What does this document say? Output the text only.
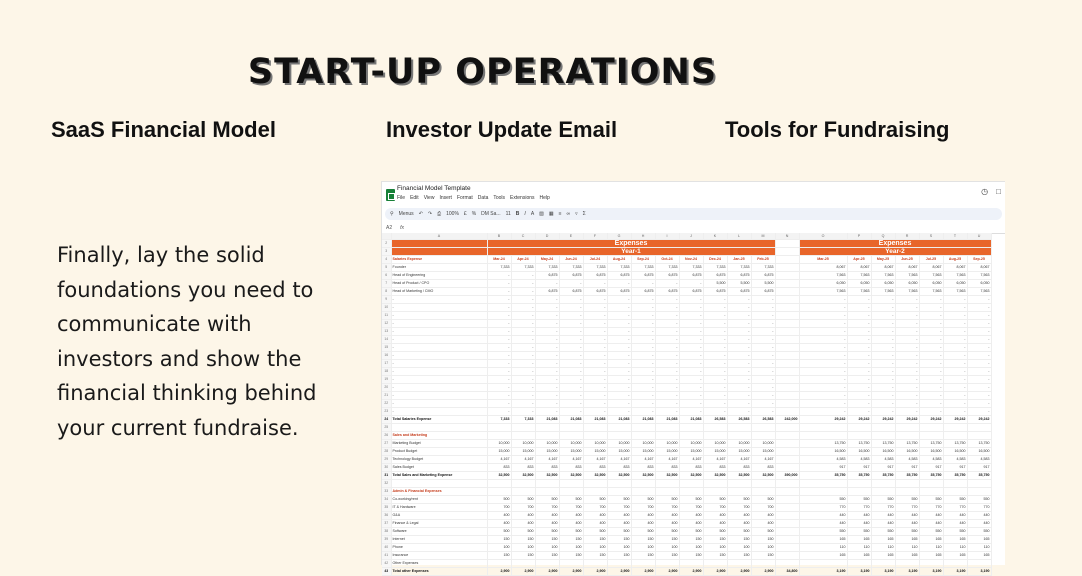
START-UP OPERATIONS
SaaS Financial Model	Investor Update Email	Tools for Fundraising
Finally, lay the solid foundations you need to communicate with investors and show the financial thinking behind your current fundraise.
Financial Model Template
File Edit View Insert Format Data Tools Extensions Help
◷ □
⚲ Menus ↶ ↷ ⎙ 100% £ % DM Sa... 11 B I A ▧ ▦ ≡ ∞ ▿ Σ
A2 fx
	A	B	C	D	E	F	G	H	I	J	K	L	M	N	O	P	Q	R	S	T	U
2		Expenses													Expenses						
3		Year-1													Year-2						
4	Salaries Expense	Mar-24	Apr-24	May-24	Jun-24	Jul-24	Aug-24	Sep-24	Oct-24	Nov-24	Dec-24	Jan-25	Feb-25		Mar-25	Apr-25	May-25	Jun-25	Jul-25	Aug-25	Sep-25
5	Founder	7,333	7,333	7,333	7,333	7,333	7,333	7,333	7,333	7,333	7,333	7,333	7,333		8,067	8,067	8,067	8,067	8,067	8,067	8,067
6	Head of Engineering	-	-	6,875	6,875	6,875	6,875	6,875	6,875	6,875	6,875	6,875	6,875		7,563	7,563	7,563	7,563	7,563	7,563	7,563
7	Head of Product / CPO	-	-	-	-	-	-	-	-	-	5,500	5,500	5,500		6,050	6,050	6,050	6,050	6,050	6,050	6,050
8	Head of Marketing / CMO	-	-	6,875	6,875	6,875	6,875	6,875	6,875	6,875	6,875	6,875	6,875		7,563	7,563	7,563	7,563	7,563	7,563	7,563
9	-	-	-	-	-	-	-	-	-	-	-	-	-		-	-	-	-	-	-	-
10	-	-	-	-	-	-	-	-	-	-	-	-	-		-	-	-	-	-	-	-
11	-	-	-	-	-	-	-	-	-	-	-	-	-		-	-	-	-	-	-	-
12	-	-	-	-	-	-	-	-	-	-	-	-	-		-	-	-	-	-	-	-
13	-	-	-	-	-	-	-	-	-	-	-	-	-		-	-	-	-	-	-	-
14	-	-	-	-	-	-	-	-	-	-	-	-	-		-	-	-	-	-	-	-
15	-	-	-	-	-	-	-	-	-	-	-	-	-		-	-	-	-	-	-	-
16	-	-	-	-	-	-	-	-	-	-	-	-	-		-	-	-	-	-	-	-
17	-	-	-	-	-	-	-	-	-	-	-	-	-		-	-	-	-	-	-	-
18	-	-	-	-	-	-	-	-	-	-	-	-	-		-	-	-	-	-	-	-
19	-	-	-	-	-	-	-	-	-	-	-	-	-		-	-	-	-	-	-	-
20	-	-	-	-	-	-	-	-	-	-	-	-	-		-	-	-	-	-	-	-
21	-	-	-	-	-	-	-	-	-	-	-	-	-		-	-	-	-	-	-	-
22	-	-	-	-	-	-	-	-	-	-	-	-	-		-	-	-	-	-	-	-
23	-	-	-	-	-	-	-	-	-	-	-	-	-		-	-	-	-	-	-	-
24	Total Salaries Expense	7,333	7,333	21,083	21,083	21,083	21,083	21,083	21,083	21,083	26,583	26,583	26,583	242,000	29,242	29,242	29,242	29,242	29,242	29,242	29,242
25																					
26	Sales and Marketing																				
27	Marketing Budget	10,000	10,000	10,000	10,000	10,000	10,000	10,000	10,000	10,000	10,000	10,000	10,000		13,750	13,750	13,750	13,750	13,750	13,750	13,750
28	Product Budget	15,000	15,000	15,000	15,000	15,000	15,000	15,000	15,000	15,000	15,000	15,000	15,000		16,500	16,500	16,500	16,500	16,500	16,500	16,500
29	Technology Budget	4,167	4,167	4,167	4,167	4,167	4,167	4,167	4,167	4,167	4,167	4,167	4,167		4,583	4,583	4,583	4,583	4,583	4,583	4,583
30	Sales Budget	833	833	833	833	833	833	833	833	833	833	833	833		917	917	917	917	917	917	917
31	Total Sales and Marketing Expense	32,500	32,500	32,500	32,500	32,500	32,500	32,500	32,500	32,500	32,500	32,500	32,500	390,000	35,750	35,750	35,750	35,750	35,750	35,750	35,750
32																					
33	Admin & Financial Expenses																				
34	Co-working/rent	500	500	500	500	500	500	500	500	500	500	500	500		550	550	550	550	550	550	550
35	IT & Hardware	700	700	700	700	700	700	700	700	700	700	700	700		770	770	770	770	770	770	770
36	G&A	400	400	400	400	400	400	400	400	400	400	400	400		440	440	440	440	440	440	440
37	Finance & Legal	400	400	400	400	400	400	400	400	400	400	400	400		440	440	440	440	440	440	440
38	Software	500	500	500	500	500	500	500	500	500	500	500	500		550	550	550	550	550	550	550
39	Internet	150	150	150	150	150	150	150	150	150	150	150	150		165	165	165	165	165	165	165
40	Phone	100	100	100	100	100	100	100	100	100	100	100	100		110	110	110	110	110	110	110
41	Insurance	150	150	150	150	150	150	150	150	150	150	150	150		165	165	165	165	165	165	165
42	Other Expenses																				
43	Total other Expenses	2,900	2,900	2,900	2,900	2,900	2,900	2,900	2,900	2,900	2,900	2,900	2,900	34,800	3,190	3,190	3,190	3,190	3,190	3,190	3,190
